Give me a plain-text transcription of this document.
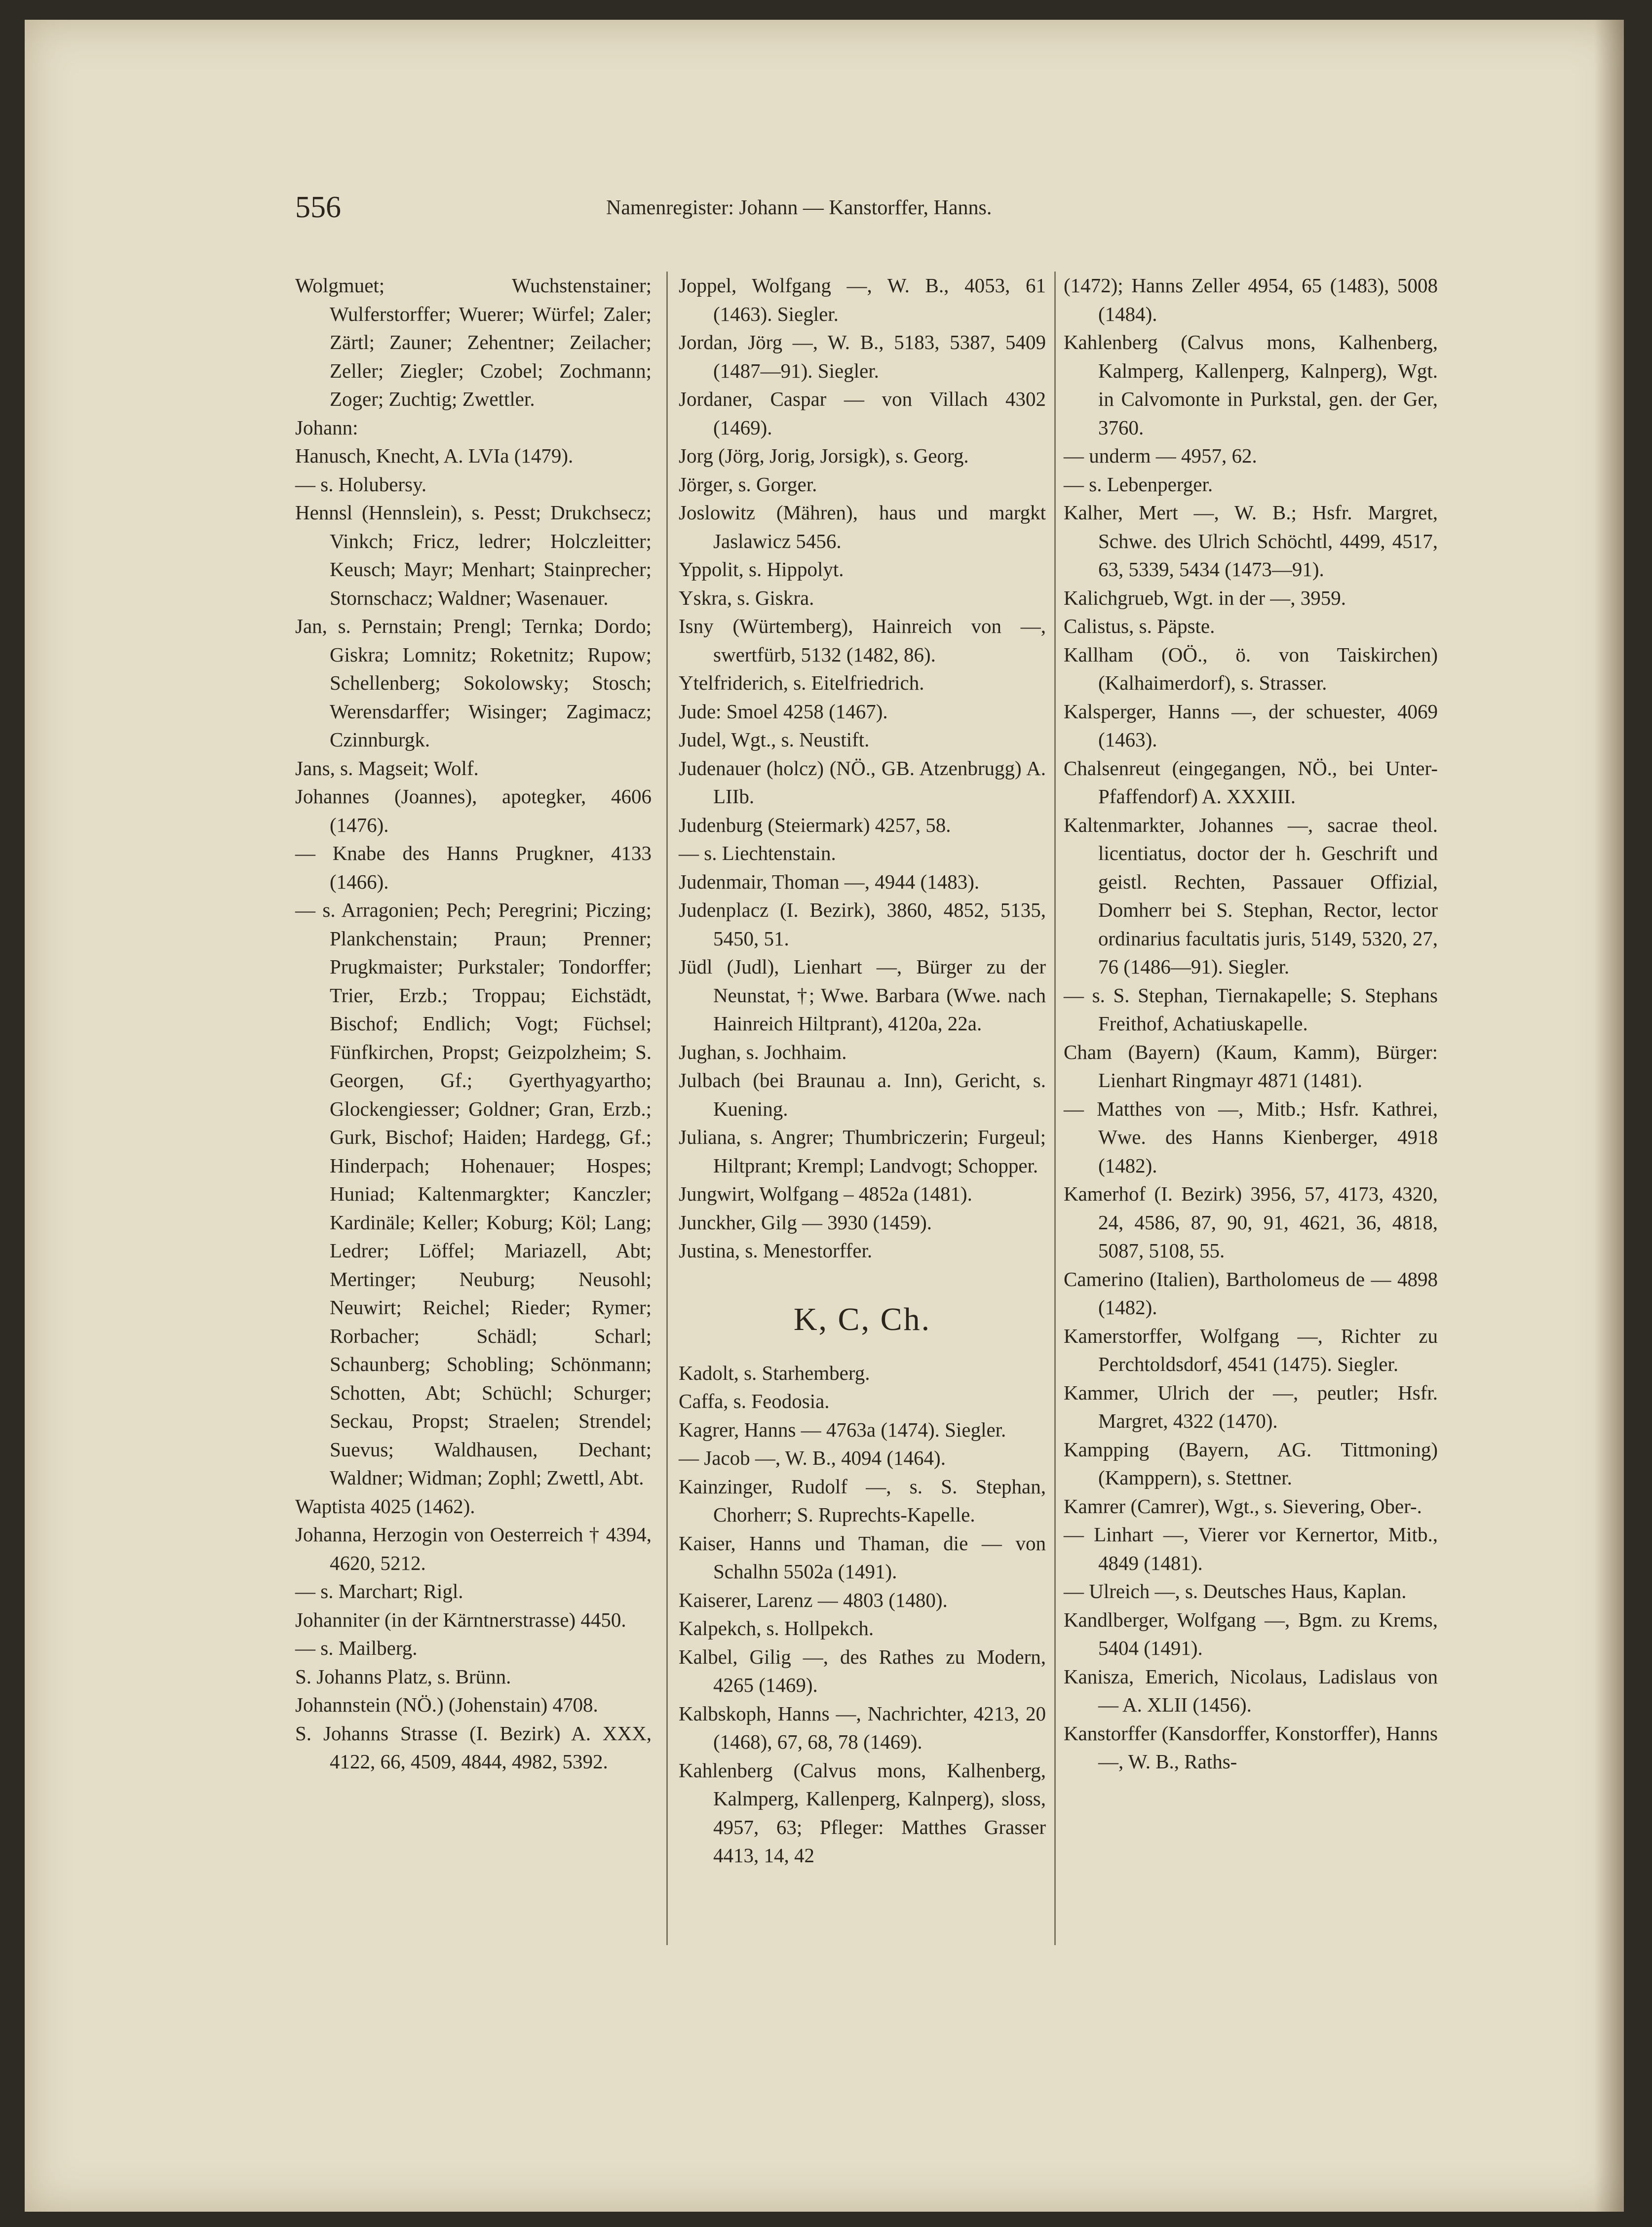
556	Namenregister: Johann — Kanstorffer, Hanns.

Wolgmuet; Wuchstenstainer; Wulferstorffer; Wuerer; Würfel; Zaler; Zärtl; Zauner; Zehentner; Zeilacher; Zeller; Ziegler; Czobel; Zochmann; Zoger; Zuchtig; Zwettler.

Johann:

Hanusch, Knecht, A. LVIa (1479).

— s. Holubersy.

Hennsl (Hennslein), s. Pesst; Drukchsecz; Vinkch; Fricz, ledrer; Holczleitter; Keusch; Mayr; Menhart; Stainprecher; Stornschacz; Waldner; Wasenauer.

Jan, s. Pernstain; Prengl; Ternka; Dordo; Giskra; Lomnitz; Roketnitz; Rupow; Schellenberg; Sokolowsky; Stosch; Werensdarffer; Wisinger; Zagimacz; Czinnburgk.

Jans, s. Magseit; Wolf.

Johannes (Joannes), apotegker, 4606 (1476).

— Knabe des Hanns Prugkner, 4133 (1466).

— s. Arragonien; Pech; Peregrini; Piczing; Plankchenstain; Praun; Prenner; Prugkmaister; Purkstaler; Tondorffer; Trier, Erzb.; Troppau; Eichstädt, Bischof; Endlich; Vogt; Füchsel; Fünfkirchen, Propst; Geizpolzheim; S. Georgen, Gf.; Gyerthyagyartho; Glockengiesser; Goldner; Gran, Erzb.; Gurk, Bischof; Haiden; Hardegg, Gf.; Hinderpach; Hohenauer; Hospes; Huniad; Kaltenmargkter; Kanczler; Kardinäle; Keller; Koburg; Köl; Lang; Ledrer; Löffel; Mariazell, Abt; Mertinger; Neuburg; Neusohl; Neuwirt; Reichel; Rieder; Rymer; Rorbacher; Schädl; Scharl; Schaunberg; Schobling; Schönmann; Schotten, Abt; Schüchl; Schurger; Seckau, Propst; Straelen; Strendel; Suevus; Waldhausen, Dechant; Waldner; Widman; Zophl; Zwettl, Abt.

Waptista 4025 (1462).

Johanna, Herzogin von Oesterreich † 4394, 4620, 5212.

— s. Marchart; Rigl.

Johanniter (in der Kärntnerstrasse) 4450.

— s. Mailberg.

S. Johanns Platz, s. Brünn.

Johannstein (NÖ.) (Johenstain) 4708.

S. Johanns Strasse (I. Bezirk) A. XXX, 4122, 66, 4509, 4844, 4982, 5392.

Joppel, Wolfgang —, W. B., 4053, 61 (1463). Siegler.

Jordan, Jörg —, W. B., 5183, 5387, 5409 (1487—91). Siegler.

Jordaner, Caspar — von Villach 4302 (1469).

Jorg (Jörg, Jorig, Jorsigk), s. Georg.

Jörger, s. Gorger.

Joslowitz (Mähren), haus und margkt Jaslawicz 5456.

Yppolit, s. Hippolyt.

Yskra, s. Giskra.

Isny (Würtemberg), Hainreich von —, swertfürb, 5132 (1482, 86).

Ytelfriderich, s. Eitelfriedrich.

Jude: Smoel 4258 (1467).

Judel, Wgt., s. Neustift.

Judenauer (holcz) (NÖ., GB. Atzenbrugg) A. LIIb.

Judenburg (Steiermark) 4257, 58.

— s. Liechtenstain.

Judenmair, Thoman —, 4944 (1483).

Judenplacz (I. Bezirk), 3860, 4852, 5135, 5450, 51.

Jüdl (Judl), Lienhart —, Bürger zu der Neunstat, †; Wwe. Barbara (Wwe. nach Hainreich Hiltprant), 4120a, 22a.

Jughan, s. Jochhaim.

Julbach (bei Braunau a. Inn), Gericht, s. Kuening.

Juliana, s. Angrer; Thumbriczerin; Furgeul; Hiltprant; Krempl; Landvogt; Schopper.

Jungwirt, Wolfgang – 4852a (1481).

Junckher, Gilg — 3930 (1459).

Justina, s. Menestorffer.

K, C, Ch.

Kadolt, s. Starhemberg.

Caffa, s. Feodosia.

Kagrer, Hanns — 4763a (1474). Siegler.

— Jacob —, W. B., 4094 (1464).

Kainzinger, Rudolf —, s. S. Stephan, Chorherr; S. Ruprechts-Kapelle.

Kaiser, Hanns und Thaman, die — von Schalhn 5502a (1491).

Kaiserer, Larenz — 4803 (1480).

Kalpekch, s. Hollpekch.

Kalbel, Gilig —, des Rathes zu Modern, 4265 (1469).

Kalbskoph, Hanns —, Nachrichter, 4213, 20 (1468), 67, 68, 78 (1469).

Kahlenberg (Calvus mons, Kalhenberg, Kalmperg, Kallenperg, Kalnperg), sloss, 4957, 63; Pfleger: Matthes Grasser 4413, 14, 42

(1472); Hanns Zeller 4954, 65 (1483), 5008 (1484).

Kahlenberg (Calvus mons, Kalhenberg, Kalmperg, Kallenperg, Kalnperg), Wgt. in Calvomonte in Purkstal, gen. der Ger, 3760.

— underm — 4957, 62.

— s. Lebenperger.

Kalher, Mert —, W. B.; Hsfr. Margret, Schwe. des Ulrich Schöchtl, 4499, 4517, 63, 5339, 5434 (1473—91).

Kalichgrueb, Wgt. in der —, 3959.

Calistus, s. Päpste.

Kallham (OÖ., ö. von Taiskirchen) (Kalhaimerdorf), s. Strasser.

Kalsperger, Hanns —, der schuester, 4069 (1463).

Chalsenreut (eingegangen, NÖ., bei Unter-Pfaffendorf) A. XXXIII.

Kaltenmarkter, Johannes —, sacrae theol. licentiatus, doctor der h. Geschrift und geistl. Rechten, Passauer Offizial, Domherr bei S. Stephan, Rector, lector ordinarius facultatis juris, 5149, 5320, 27, 76 (1486—91). Siegler.

— s. S. Stephan, Tiernakapelle; S. Stephans Freithof, Achatiuskapelle.

Cham (Bayern) (Kaum, Kamm), Bürger: Lienhart Ringmayr 4871 (1481).

— Matthes von —, Mitb.; Hsfr. Kathrei, Wwe. des Hanns Kienberger, 4918 (1482).

Kamerhof (I. Bezirk) 3956, 57, 4173, 4320, 24, 4586, 87, 90, 91, 4621, 36, 4818, 5087, 5108, 55.

Camerino (Italien), Bartholomeus de — 4898 (1482).

Kamerstorffer, Wolfgang —, Richter zu Perchtoldsdorf, 4541 (1475). Siegler.

Kammer, Ulrich der —, peutler; Hsfr. Margret, 4322 (1470).

Kampping (Bayern, AG. Tittmoning) (Kamppern), s. Stettner.

Kamrer (Camrer), Wgt., s. Sievering, Ober-.

— Linhart —, Vierer vor Kernertor, Mitb., 4849 (1481).

— Ulreich —, s. Deutsches Haus, Kaplan.

Kandlberger, Wolfgang —, Bgm. zu Krems, 5404 (1491).

Kanisza, Emerich, Nicolaus, Ladislaus von — A. XLII (1456).

Kanstorffer (Kansdorffer, Konstorffer), Hanns —, W. B., Raths-
